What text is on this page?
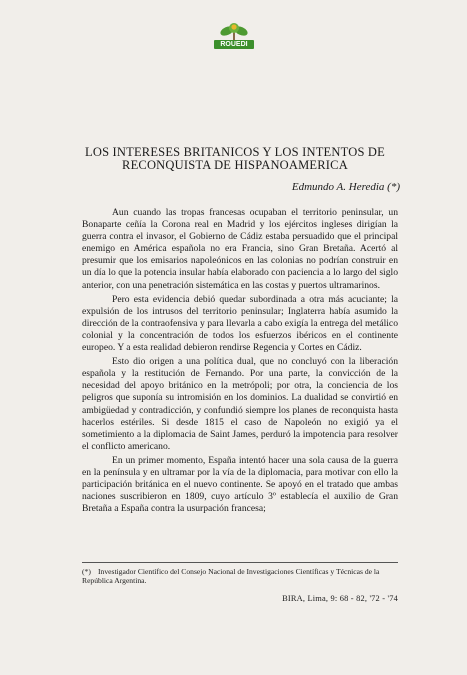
ROUEDI
LOS INTERESES BRITANICOS Y LOS INTENTOS DE
RECONQUISTA DE HISPANOAMERICA
Edmundo A. Heredia (*)

Aun cuando las tropas francesas ocupaban el territorio peninsular, un Bonaparte ceñía la Corona real en Madrid y los ejércitos ingleses dirigían la guerra contra el invasor, el Gobierno de Cádiz estaba persuadido que el principal enemigo en América española no era Francia, sino Gran Bretaña. Acertó al presumir que los emisarios napoleónicos en las colonias no podrían construir en un día lo que la potencia insular había elaborado con paciencia a lo largo del siglo anterior, con una penetración sistemática en las costas y puertos ultramarinos.

Pero esta evidencia debió quedar subordinada a otra más acuciante; la expulsión de los intrusos del territorio peninsular; Inglaterra había asumido la dirección de la contraofensiva y para llevarla a cabo exigía la entrega del metálico colonial y la concentración de todos los esfuerzos ibéricos en el continente europeo. Y a esta realidad debieron rendirse Regencia y Cortes en Cádiz.

Esto dio origen a una política dual, que no concluyó con la liberación española y la restitución de Fernando. Por una parte, la convicción de la necesidad del apoyo británico en la metrópoli; por otra, la conciencia de los peligros que suponía su intromisión en los dominios. La dualidad se convirtió en ambigüedad y contradicción, y confundió siempre los planes de reconquista hasta hacerlos estériles. Si desde 1815 el caso de Napoleón no exigió ya el sometimiento a la diplomacia de Saint James, perduró la impotencia para resolver el conflicto americano.

En un primer momento, España intentó hacer una sola causa de la guerra en la península y en ultramar por la vía de la diplomacia, para motivar con ello la participación británica en el nuevo continente. Se apoyó en el tratado que ambas naciones suscribieron en 1809, cuyo artículo 3º establecía el auxilio de Gran Bretaña a España contra la usurpación francesa;

(*) Investigador Científico del Consejo Nacional de Investigaciones Científicas y Técnicas de la República Argentina.
BIRA, Lima, 9: 68 - 82, '72 - '74
